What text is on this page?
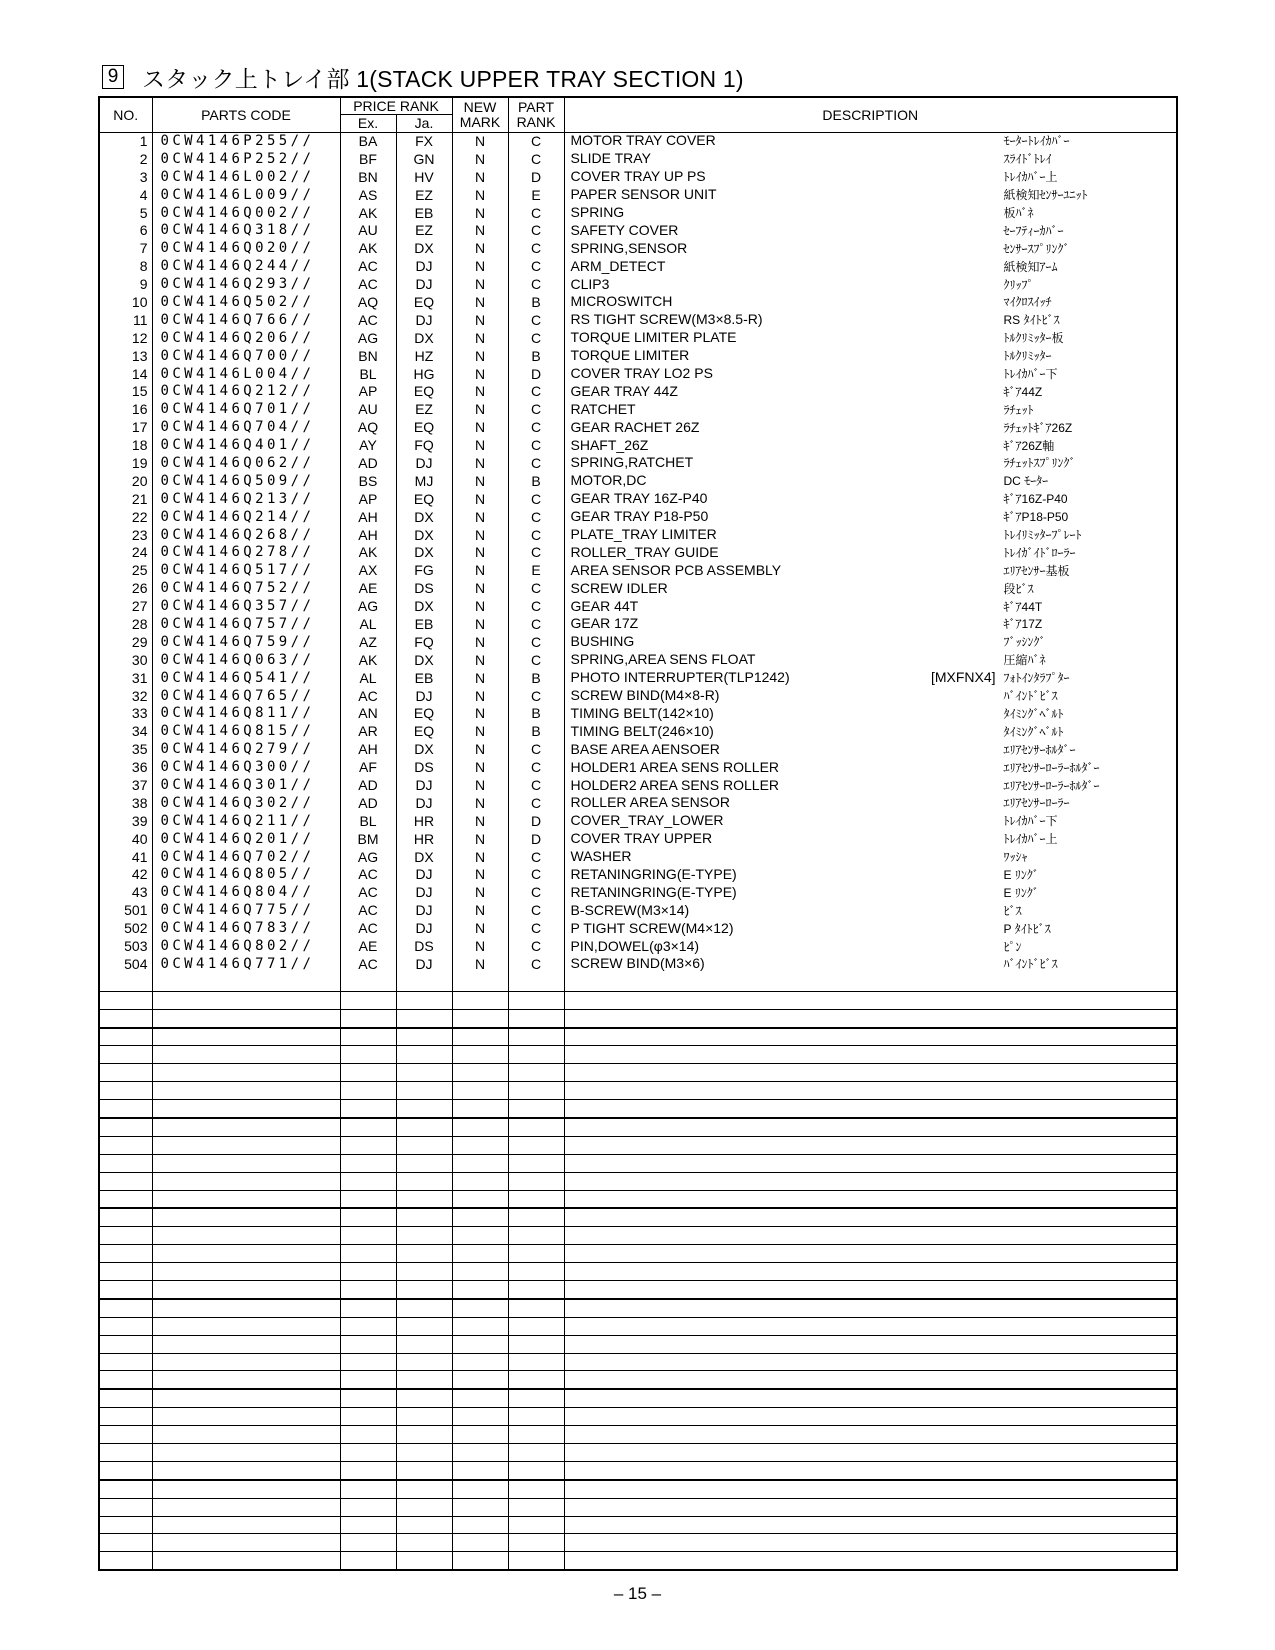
9 スタック上トレイ部 1(STACK UPPER TRAY SECTION 1)
NO.	PARTS CODE	PRICE RANK		NEW MARK	PART RANK	DESCRIPTION
		Ex.	Ja.			
1	0CW4146P255//	BA	FX	N	C	MOTOR TRAY COVER ﾓｰﾀｰﾄﾚｲｶﾊﾞｰ
2	0CW4146P252//	BF	GN	N	C	SLIDE TRAY ｽﾗｲﾄﾞﾄﾚｲ
3	0CW4146L002//	BN	HV	N	D	COVER TRAY UP PS ﾄﾚｲｶﾊﾞｰ上
4	0CW4146L009//	AS	EZ	N	E	PAPER SENSOR UNIT 紙検知ｾﾝｻｰﾕﾆｯﾄ
5	0CW4146Q002//	AK	EB	N	C	SPRING 板ﾊﾞﾈ
6	0CW4146Q318//	AU	EZ	N	C	SAFETY COVER ｾｰﾌﾃｨｰｶﾊﾞｰ
7	0CW4146Q020//	AK	DX	N	C	SPRING,SENSOR ｾﾝｻｰｽﾌﾟﾘﾝｸﾞ
8	0CW4146Q244//	AC	DJ	N	C	ARM_DETECT 紙検知ｱｰﾑ
9	0CW4146Q293//	AC	DJ	N	C	CLIP3 ｸﾘｯﾌﾟ
10	0CW4146Q502//	AQ	EQ	N	B	MICROSWITCH ﾏｲｸﾛｽｲｯﾁ
11	0CW4146Q766//	AC	DJ	N	C	RS TIGHT SCREW(M3×8.5-R) RS ﾀｲﾄﾋﾞｽ
12	0CW4146Q206//	AG	DX	N	C	TORQUE LIMITER PLATE ﾄﾙｸﾘﾐｯﾀｰ板
13	0CW4146Q700//	BN	HZ	N	B	TORQUE LIMITER ﾄﾙｸﾘﾐｯﾀｰ
14	0CW4146L004//	BL	HG	N	D	COVER TRAY LO2 PS ﾄﾚｲｶﾊﾞｰ下
15	0CW4146Q212//	AP	EQ	N	C	GEAR TRAY 44Z ｷﾞｱ44Z
16	0CW4146Q701//	AU	EZ	N	C	RATCHET ﾗﾁｪｯﾄ
17	0CW4146Q704//	AQ	EQ	N	C	GEAR RACHET 26Z ﾗﾁｪｯﾄｷﾞｱ26Z
18	0CW4146Q401//	AY	FQ	N	C	SHAFT_26Z ｷﾞｱ26Z軸
19	0CW4146Q062//	AD	DJ	N	C	SPRING,RATCHET ﾗﾁｪｯﾄｽﾌﾟﾘﾝｸﾞ
20	0CW4146Q509//	BS	MJ	N	B	MOTOR,DC DC ﾓｰﾀｰ
21	0CW4146Q213//	AP	EQ	N	C	GEAR TRAY 16Z-P40 ｷﾞｱ16Z-P40
22	0CW4146Q214//	AH	DX	N	C	GEAR TRAY P18-P50 ｷﾞｱP18-P50
23	0CW4146Q268//	AH	DX	N	C	PLATE_TRAY LIMITER ﾄﾚｲﾘﾐｯﾀｰﾌﾟﾚｰﾄ
24	0CW4146Q278//	AK	DX	N	C	ROLLER_TRAY GUIDE ﾄﾚｲｶﾞｲﾄﾞﾛｰﾗｰ
25	0CW4146Q517//	AX	FG	N	E	AREA SENSOR PCB ASSEMBLY ｴﾘｱｾﾝｻｰ基板
26	0CW4146Q752//	AE	DS	N	C	SCREW IDLER 段ﾋﾞｽ
27	0CW4146Q357//	AG	DX	N	C	GEAR 44T ｷﾞｱ44T
28	0CW4146Q757//	AL	EB	N	C	GEAR 17Z ｷﾞｱ17Z
29	0CW4146Q759//	AZ	FQ	N	C	BUSHING ﾌﾞｯｼﾝｸﾞ
30	0CW4146Q063//	AK	DX	N	C	SPRING,AREA SENS FLOAT 圧縮ﾊﾞﾈ
31	0CW4146Q541//	AL	EB	N	B	PHOTO INTERRUPTER(TLP1242) [MXFNX4] ﾌｫﾄｲﾝﾀﾗﾌﾟﾀｰ
32	0CW4146Q765//	AC	DJ	N	C	SCREW BIND(M4×8-R) ﾊﾞｲﾝﾄﾞﾋﾞｽ
33	0CW4146Q811//	AN	EQ	N	B	TIMING BELT(142×10) ﾀｲﾐﾝｸﾞﾍﾞﾙﾄ
34	0CW4146Q815//	AR	EQ	N	B	TIMING BELT(246×10) ﾀｲﾐﾝｸﾞﾍﾞﾙﾄ
35	0CW4146Q279//	AH	DX	N	C	BASE AREA AENSOER ｴﾘｱｾﾝｻｰﾎﾙﾀﾞｰ
36	0CW4146Q300//	AF	DS	N	C	HOLDER1 AREA SENS ROLLER ｴﾘｱｾﾝｻｰﾛｰﾗｰﾎﾙﾀﾞｰ
37	0CW4146Q301//	AD	DJ	N	C	HOLDER2 AREA SENS ROLLER ｴﾘｱｾﾝｻｰﾛｰﾗｰﾎﾙﾀﾞｰ
38	0CW4146Q302//	AD	DJ	N	C	ROLLER AREA SENSOR ｴﾘｱｾﾝｻｰﾛｰﾗｰ
39	0CW4146Q211//	BL	HR	N	D	COVER_TRAY_LOWER ﾄﾚｲｶﾊﾞｰ下
40	0CW4146Q201//	BM	HR	N	D	COVER TRAY UPPER ﾄﾚｲｶﾊﾞｰ上
41	0CW4146Q702//	AG	DX	N	C	WASHER ﾜｯｼｬ
42	0CW4146Q805//	AC	DJ	N	C	RETANINGRING(E-TYPE) E ﾘﾝｸﾞ
43	0CW4146Q804//	AC	DJ	N	C	RETANINGRING(E-TYPE) E ﾘﾝｸﾞ
501	0CW4146Q775//	AC	DJ	N	C	B-SCREW(M3×14) ﾋﾞｽ
502	0CW4146Q783//	AC	DJ	N	C	P TIGHT SCREW(M4×12) P ﾀｲﾄﾋﾞｽ
503	0CW4146Q802//	AE	DS	N	C	PIN,DOWEL(φ3×14) ﾋﾟﾝ
504	0CW4146Q771//	AC	DJ	N	C	SCREW BIND(M3×6) ﾊﾞｲﾝﾄﾞﾋﾞｽ

– 15 –
